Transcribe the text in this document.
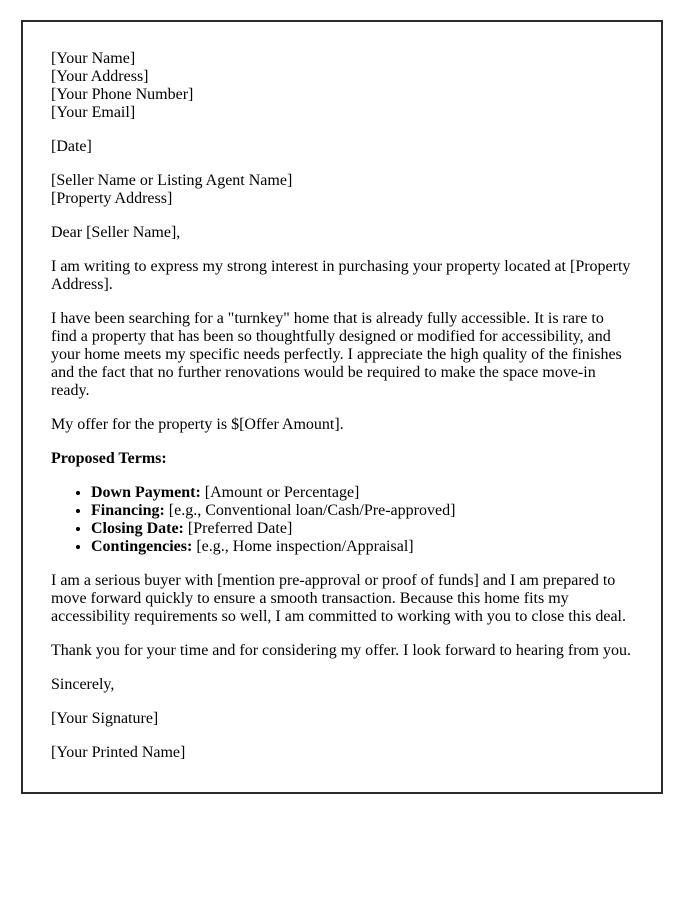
[Your Name]
[Your Address]
[Your Phone Number]
[Your Email]

[Date]

[Seller Name or Listing Agent Name]
[Property Address]

Dear [Seller Name],

I am writing to express my strong interest in purchasing your property located at [Property Address].

I have been searching for a "turnkey" home that is already fully accessible. It is rare to find a property that has been so thoughtfully designed or modified for accessibility, and your home meets my specific needs perfectly. I appreciate the high quality of the finishes and the fact that no further renovations would be required to make the space move-in ready.

My offer for the property is $[Offer Amount].

Proposed Terms:

• Down Payment: [Amount or Percentage]
• Financing: [e.g., Conventional loan/Cash/Pre-approved]
• Closing Date: [Preferred Date]
• Contingencies: [e.g., Home inspection/Appraisal]

I am a serious buyer with [mention pre-approval or proof of funds] and I am prepared to move forward quickly to ensure a smooth transaction. Because this home fits my accessibility requirements so well, I am committed to working with you to close this deal.

Thank you for your time and for considering my offer. I look forward to hearing from you.

Sincerely,

[Your Signature]

[Your Printed Name]
